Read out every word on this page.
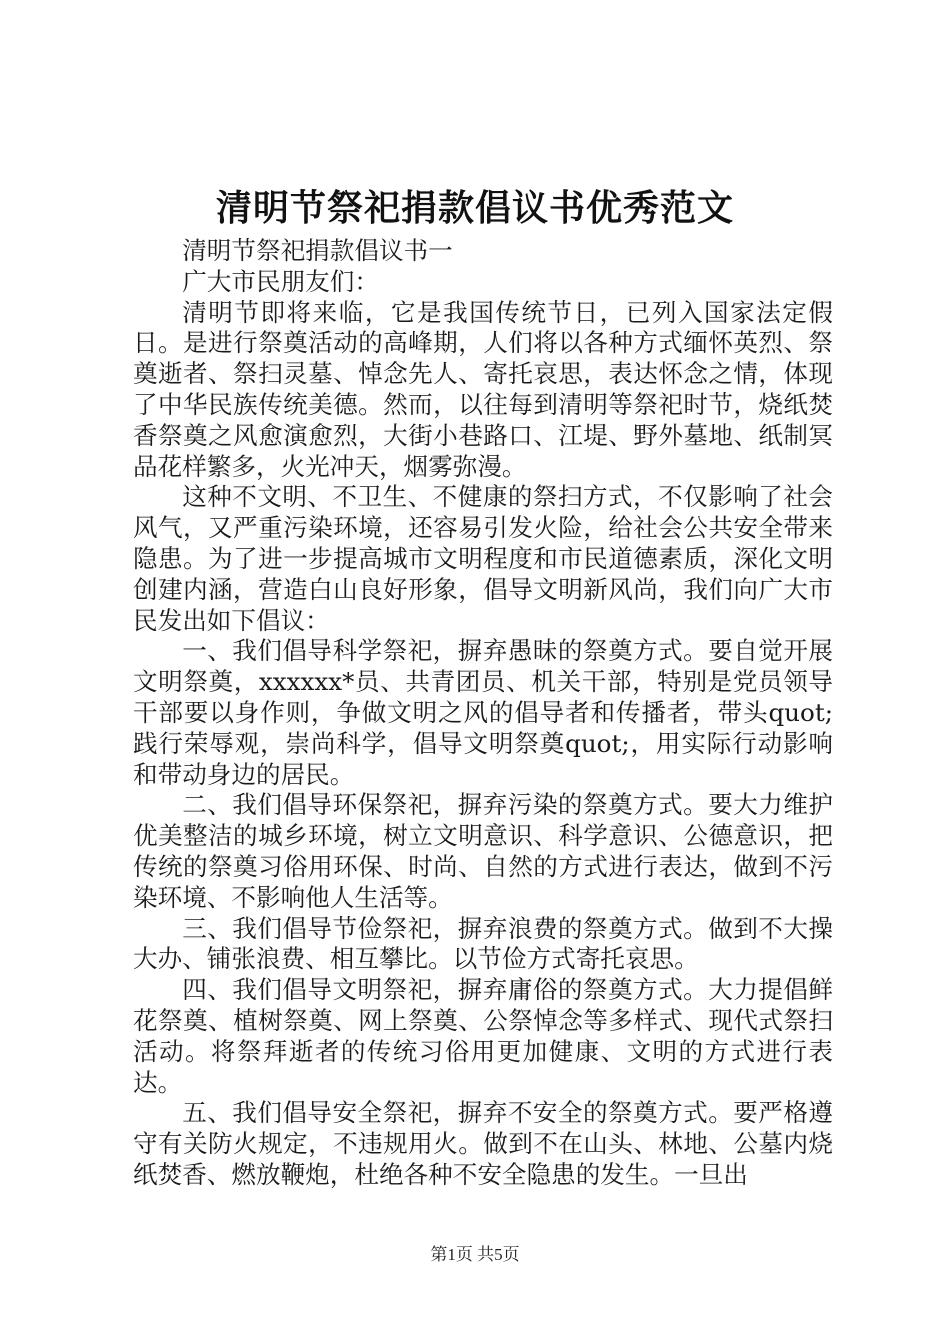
清明节祭祀捐款倡议书优秀范文

清明节祭祀捐款倡议书一

广大市民朋友们：

清明节即将来临，它是我国传统节日，已列入国家法定假日。是进行祭奠活动的高峰期，人们将以各种方式缅怀英烈、祭奠逝者、祭扫灵墓、悼念先人、寄托哀思，表达怀念之情，体现了中华民族传统美德。然而，以往每到清明等祭祀时节，烧纸焚香祭奠之风愈演愈烈，大街小巷路口、江堤、野外墓地、纸制冥品花样繁多，火光冲天，烟雾弥漫。

这种不文明、不卫生、不健康的祭扫方式，不仅影响了社会风气，又严重污染环境，还容易引发火险，给社会公共安全带来隐患。为了进一步提高城市文明程度和市民道德素质，深化文明创建内涵，营造白山良好形象，倡导文明新风尚，我们向广大市民发出如下倡议：

一、我们倡导科学祭祀，摒弃愚昧的祭奠方式。要自觉开展文明祭奠，xxxxxx*员、共青团员、机关干部，特别是党员领导干部要以身作则，争做文明之风的倡导者和传播者，带头quot;践行荣辱观，崇尚科学，倡导文明祭奠quot;，用实际行动影响和带动身边的居民。

二、我们倡导环保祭祀，摒弃污染的祭奠方式。要大力维护优美整洁的城乡环境，树立文明意识、科学意识、公德意识，把传统的祭奠习俗用环保、时尚、自然的方式进行表达，做到不污染环境、不影响他人生活等。

三、我们倡导节俭祭祀，摒弃浪费的祭奠方式。做到不大操大办、铺张浪费、相互攀比。以节俭方式寄托哀思。

四、我们倡导文明祭祀，摒弃庸俗的祭奠方式。大力提倡鲜花祭奠、植树祭奠、网上祭奠、公祭悼念等多样式、现代式祭扫活动。将祭拜逝者的传统习俗用更加健康、文明的方式进行表达。

五、我们倡导安全祭祀，摒弃不安全的祭奠方式。要严格遵守有关防火规定，不违规用火。做到不在山头、林地、公墓内烧纸焚香、燃放鞭炮，杜绝各种不安全隐患的发生。一旦出

第1页 共5页
